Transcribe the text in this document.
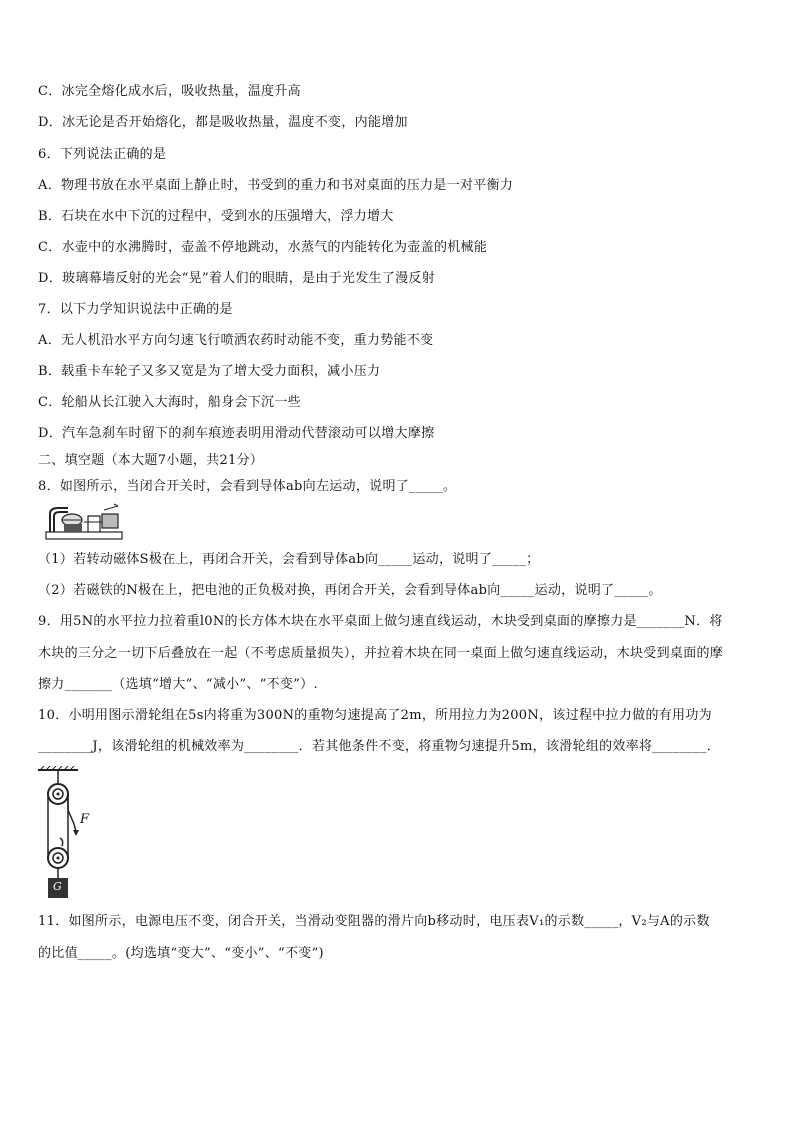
C．冰完全熔化成水后，吸收热量，温度升高
D．冰无论是否开始熔化，都是吸收热量，温度不变，内能增加
6．下列说法正确的是
A．物理书放在水平桌面上静止时，书受到的重力和书对桌面的压力是一对平衡力
B．石块在水中下沉的过程中，受到水的压强增大，浮力增大
C．水壶中的水沸腾时，壶盖不停地跳动，水蒸气的内能转化为壶盖的机械能
D．玻璃幕墙反射的光会“晃”着人们的眼睛，是由于光发生了漫反射
7．以下力学知识说法中正确的是
A．无人机沿水平方向匀速飞行喷洒农药时动能不变，重力势能不变
B．载重卡车轮子又多又宽是为了增大受力面积，减小压力
C．轮船从长江驶入大海时，船身会下沉一些
D．汽车急刹车时留下的刹车痕迹表明用滑动代替滚动可以增大摩擦
二、填空题（本大题7小题，共21分）
8．如图所示，当闭合开关时，会看到导体ab向左运动，说明了_____。
（1）若转动磁体S极在上，再闭合开关，会看到导体ab向_____运动，说明了_____；
（2）若磁铁的N极在上，把电池的正负极对换，再闭合开关，会看到导体ab向_____运动，说明了_____。
9．用5N的水平拉力拉着重l0N的长方体木块在水平桌面上做匀速直线运动，木块受到桌面的摩擦力是_______N．将
木块的三分之一切下后叠放在一起（不考虑质量损失），并拉着木块在同一桌面上做匀速直线运动，木块受到桌面的摩
擦力_______（选填“增大”、“减小”、“不变”）.
10．小明用图示滑轮组在5s内将重为300N的重物匀速提高了2m，所用拉力为200N，该过程中拉力做的有用功为
________J，该滑轮组的机械效率为________．若其他条件不变，将重物匀速提升5m，该滑轮组的效率将________．
F
G
11．如图所示，电源电压不变，闭合开关，当滑动变阻器的滑片向b移动时，电压表V₁的示数_____，V₂与A的示数
的比值_____。(均选填“变大”、“变小”、“不变”)
